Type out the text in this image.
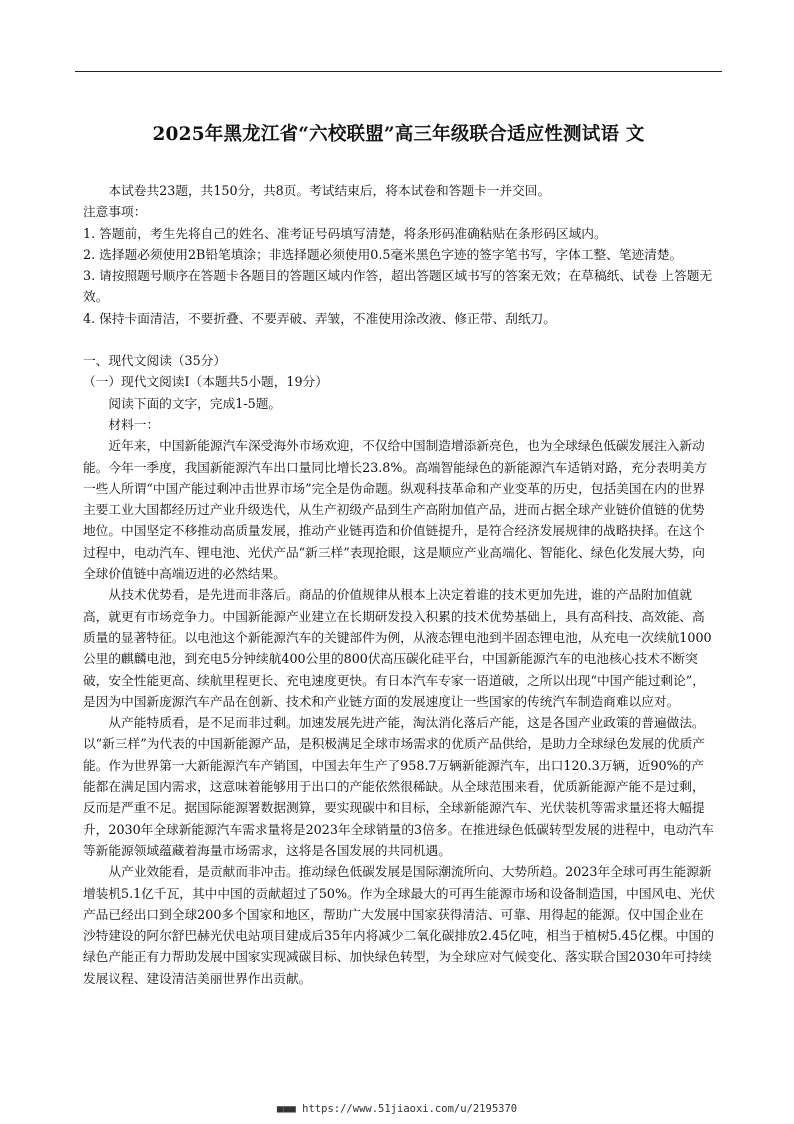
2025年黑龙江省“六校联盟”高三年级联合适应性测试语 文

本试卷共23题，共150分，共8页。考试结束后，将本试卷和答题卡一并交回。

注意事项：

1. 答题前，考生先将自己的姓名、准考证号码填写清楚，将条形码准确粘贴在条形码区域内。

2. 选择题必须使用2B铅笔填涂；非选择题必须使用0.5毫米黑色字迹的签字笔书写，字体工整、笔迹清楚。

3. 请按照题号顺序在答题卡各题目的答题区域内作答，超出答题区域书写的答案无效；在草稿纸、试卷 上答题无效。

4. 保持卡面清洁，不要折叠、不要弄破、弄皱，不准使用涂改液、修正带、刮纸刀。

一、现代文阅读（35分）

（一）现代文阅读Ⅰ（本题共5小题，19分）

阅读下面的文字，完成1-5题。

材料一：

近年来，中国新能源汽车深受海外市场欢迎，不仅给中国制造增添新亮色，也为全球绿色低碳发展注入新动能。今年一季度，我国新能源汽车出口量同比增长23.8%。高端智能绿色的新能源汽车适销对路，充分表明美方一些人所谓“中国产能过剩冲击世界市场”完全是伪命题。纵观科技革命和产业变革的历史，包括美国在内的世界主要工业大国都经历过产业升级迭代，从生产初级产品到生产高附加值产品，进而占据全球产业链价值链的优势地位。中国坚定不移推动高质量发展，推动产业链再造和价值链提升，是符合经济发展规律的战略抉择。在这个过程中，电动汽车、锂电池、光伏产品“新三样”表现抢眼，这是顺应产业高端化、智能化、绿色化发展大势，向全球价值链中高端迈进的必然结果。

从技术优势看，是先进而非落后。商品的价值规律从根本上决定着谁的技术更加先进，谁的产品附加值就高，就更有市场竞争力。中国新能源产业建立在长期研发投入积累的技术优势基础上，具有高科技、高效能、高质量的显著特征。以电池这个新能源汽车的关键部件为例，从液态锂电池到半固态锂电池，从充电一次续航1000公里的麒麟电池，到充电5分钟续航400公里的800伏高压碳化硅平台，中国新能源汽车的电池核心技术不断突破，安全性能更高、续航里程更长、充电速度更快。有日本汽车专家一语道破，之所以出现“中国产能过剩论”，是因为中国新庞源汽车产品在创新、技术和产业链方面的发展速度让一些国家的传统汽车制造商难以应对。

从产能特质看，是不足而非过剩。加速发展先进产能，淘汰消化落后产能，这是各国产业政策的普遍做法。以“新三样”为代表的中国新能源产品，是积极满足全球市场需求的优质产品供给，是助力全球绿色发展的优质产能。作为世界第一大新能源汽车产销国，中国去年生产了958.7万辆新能源汽车，出口120.3万辆，近90%的产能都在满足国内需求，这意味着能够用于出口的产能依然很稀缺。从全球范围来看，优质新能源产能不是过剩，反而是严重不足。据国际能源署数据测算，要实现碳中和目标，全球新能源汽车、光伏装机等需求量还将大幅提升，2030年全球新能源汽车需求量将是2023年全球销量的3倍多。在推进绿色低碳转型发展的进程中，电动汽车等新能源领域蕴藏着海量市场需求，这将是各国发展的共同机遇。

从产业效能看，是贡献而非冲击。推动绿色低碳发展是国际潮流所向、大势所趋。2023年全球可再生能源新增装机5.1亿千瓦，其中中国的贡献超过了50%。作为全球最大的可再生能源市场和设备制造国，中国风电、光伏产品已经出口到全球200多个国家和地区，帮助广大发展中国家获得清洁、可靠、用得起的能源。仅中国企业在沙特建设的阿尔舒巴赫光伏电站项目建成后35年内将减少二氧化碳排放2.45亿吨，相当于植树5.45亿棵。中国的绿色产能正有力帮助发展中国家实现减碳目标、加快绿色转型，为全球应对气候变化、落实联合国2030年可持续发展议程、建设清洁美丽世界作出贡献。

■■■ https://www.51jiaoxi.com/u/2195370
